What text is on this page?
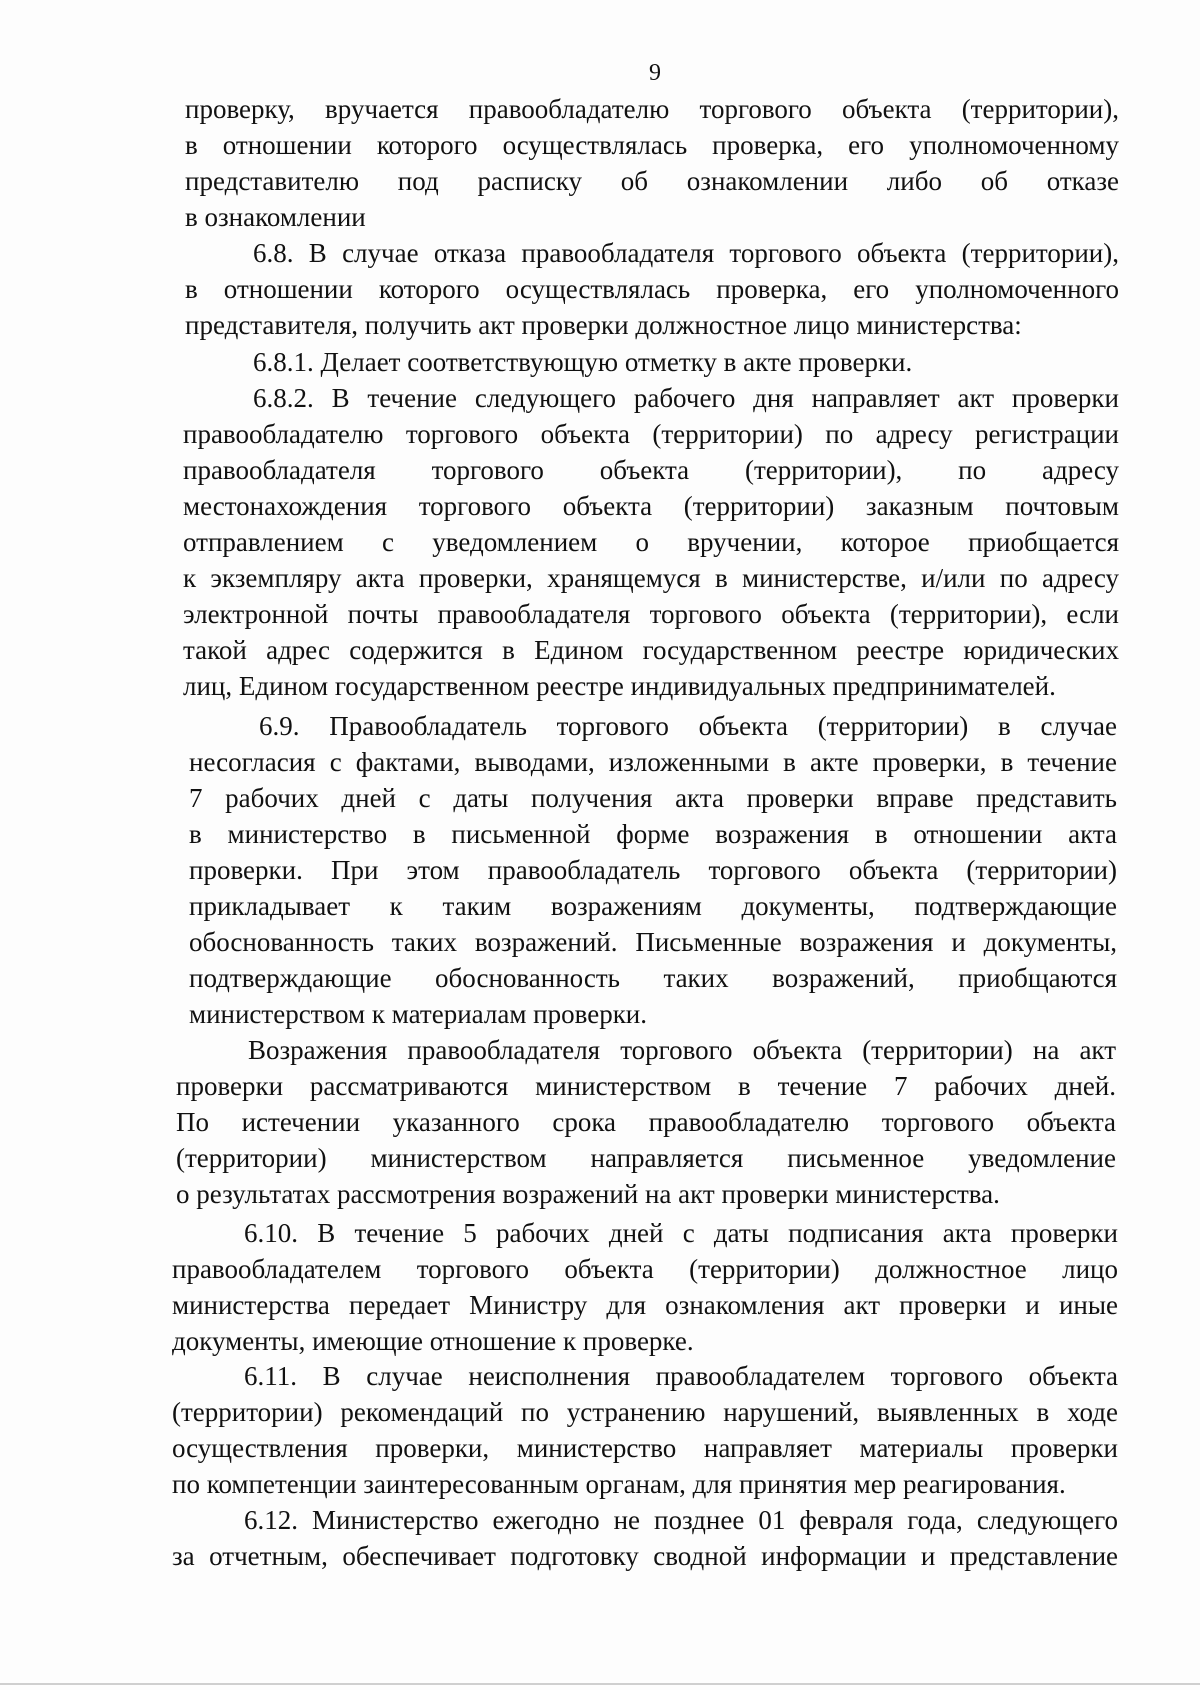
9
проверку, вручается правообладателю торгового объекта (территории),
в отношении которого осуществлялась проверка, его уполномоченному
представителю под расписку об ознакомлении либо об отказе
в ознакомлении
6.8. В случае отказа правообладателя торгового объекта (территории),
в отношении которого осуществлялась проверка, его уполномоченного
представителя, получить акт проверки должностное лицо министерства:
6.8.1. Делает соответствующую отметку в акте проверки.
6.8.2. В течение следующего рабочего дня направляет акт проверки
правообладателю торгового объекта (территории) по адресу регистрации
правообладателя торгового объекта (территории), по адресу
местонахождения торгового объекта (территории) заказным почтовым
отправлением с уведомлением о вручении, которое приобщается
к экземпляру акта проверки, хранящемуся в министерстве, и/или по адресу
электронной почты правообладателя торгового объекта (территории), если
такой адрес содержится в Едином государственном реестре юридических
лиц, Едином государственном реестре индивидуальных предпринимателей.
6.9. Правообладатель торгового объекта (территории) в случае
несогласия с фактами, выводами, изложенными в акте проверки, в течение
7 рабочих дней с даты получения акта проверки вправе представить
в министерство в письменной форме возражения в отношении акта
проверки. При этом правообладатель торгового объекта (территории)
прикладывает к таким возражениям документы, подтверждающие
обоснованность таких возражений. Письменные возражения и документы,
подтверждающие обоснованность таких возражений, приобщаются
министерством к материалам проверки.
Возражения правообладателя торгового объекта (территории) на акт
проверки рассматриваются министерством в течение 7 рабочих дней.
По истечении указанного срока правообладателю торгового объекта
(территории) министерством направляется письменное уведомление
о результатах рассмотрения возражений на акт проверки министерства.
6.10. В течение 5 рабочих дней с даты подписания акта проверки
правообладателем торгового объекта (территории) должностное лицо
министерства передает Министру для ознакомления акт проверки и иные
документы, имеющие отношение к проверке.
6.11. В случае неисполнения правообладателем торгового объекта
(территории) рекомендаций по устранению нарушений, выявленных в ходе
осуществления проверки, министерство направляет материалы проверки
по компетенции заинтересованным органам, для принятия мер реагирования.
6.12. Министерство ежегодно не позднее 01 февраля года, следующего
за отчетным, обеспечивает подготовку сводной информации и представление
